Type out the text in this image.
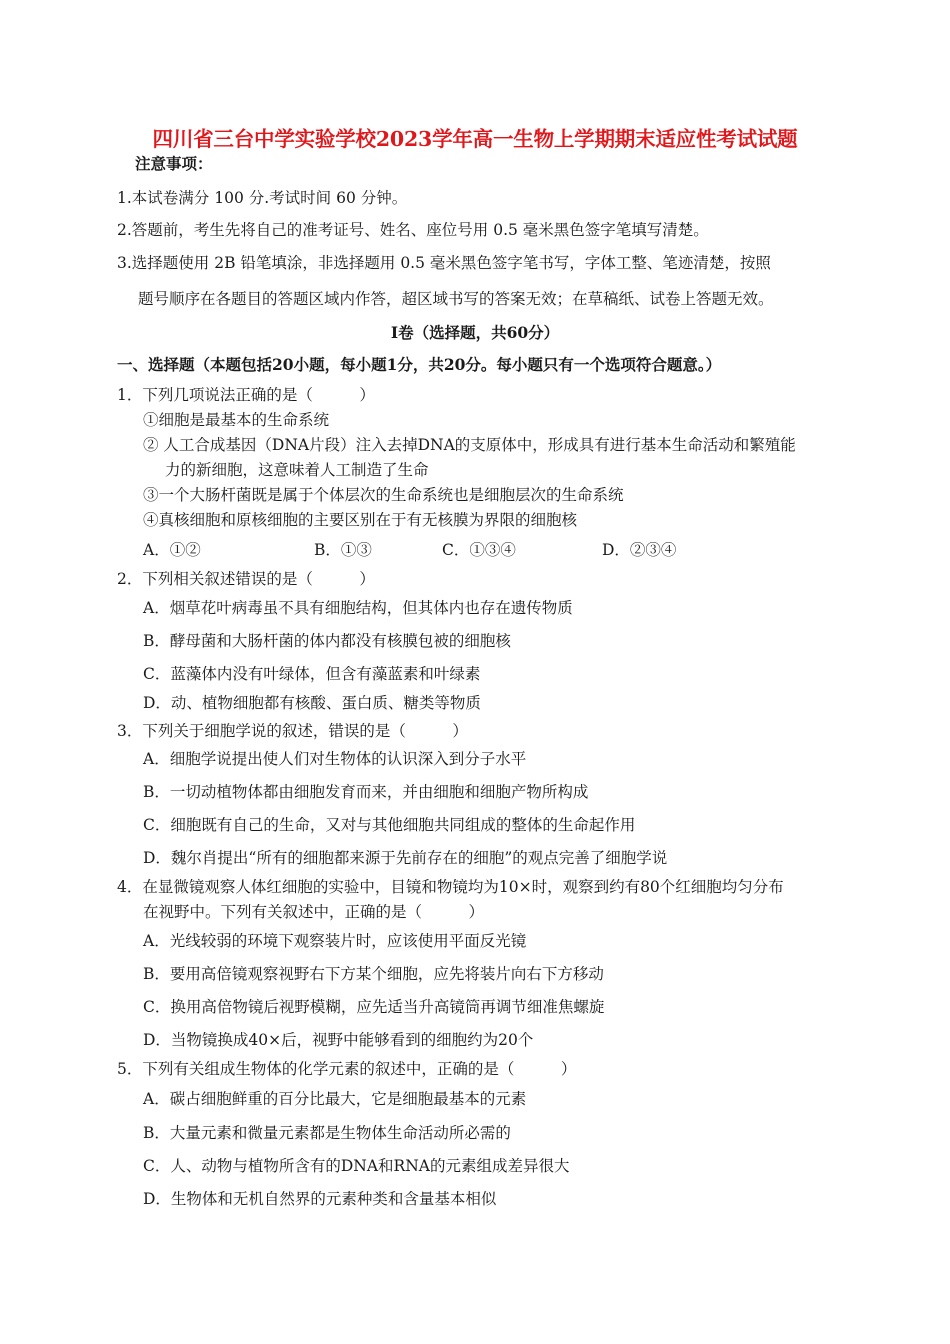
四川省三台中学实验学校2023学年高一生物上学期期末适应性考试试题
注意事项：
1.本试卷满分 100 分.考试时间 60 分钟。
2.答题前，考生先将自己的准考证号、姓名、座位号用 0.5 毫米黑色签字笔填写清楚。
3.选择题使用 2B 铅笔填涂，非选择题用 0.5 毫米黑色签字笔书写，字体工整、笔迹清楚，按照
题号顺序在各题目的答题区域内作答，超区域书写的答案无效；在草稿纸、试卷上答题无效。
Ⅰ卷（选择题，共60分）
一、选择题（本题包括20小题，每小题1分，共20分。每小题只有一个选项符合题意。）
1．下列几项说法正确的是（　　　）
①细胞是最基本的生命系统
② 人工合成基因（DNA片段）注入去掉DNA的支原体中，形成具有进行基本生命活动和繁殖能
力的新细胞，这意味着人工制造了生命
③一个大肠杆菌既是属于个体层次的生命系统也是细胞层次的生命系统
④真核细胞和原核细胞的主要区别在于有无核膜为界限的细胞核
A．①②	B．①③	C．①③④	D．②③④
2．下列相关叙述错误的是（　　　）
A．烟草花叶病毒虽不具有细胞结构，但其体内也存在遗传物质
B．酵母菌和大肠杆菌的体内都没有核膜包被的细胞核
C．蓝藻体内没有叶绿体，但含有藻蓝素和叶绿素
D．动、植物细胞都有核酸、蛋白质、糖类等物质
3．下列关于细胞学说的叙述，错误的是（　　　）
A．细胞学说提出使人们对生物体的认识深入到分子水平
B．一切动植物体都由细胞发育而来，并由细胞和细胞产物所构成
C．细胞既有自己的生命，又对与其他细胞共同组成的整体的生命起作用
D．魏尔肖提出“所有的细胞都来源于先前存在的细胞”的观点完善了细胞学说
4．在显微镜观察人体红细胞的实验中，目镜和物镜均为10×时，观察到约有80个红细胞均匀分布
在视野中。下列有关叙述中，正确的是（　　　）
A．光线较弱的环境下观察装片时，应该使用平面反光镜
B．要用高倍镜观察视野右下方某个细胞，应先将装片向右下方移动
C．换用高倍物镜后视野模糊，应先适当升高镜筒再调节细准焦螺旋
D．当物镜换成40×后，视野中能够看到的细胞约为20个
5．下列有关组成生物体的化学元素的叙述中，正确的是（　　　）
A．碳占细胞鲜重的百分比最大，它是细胞最基本的元素
B．大量元素和微量元素都是生物体生命活动所必需的
C．人、动物与植物所含有的DNA和RNA的元素组成差异很大
D．生物体和无机自然界的元素种类和含量基本相似
